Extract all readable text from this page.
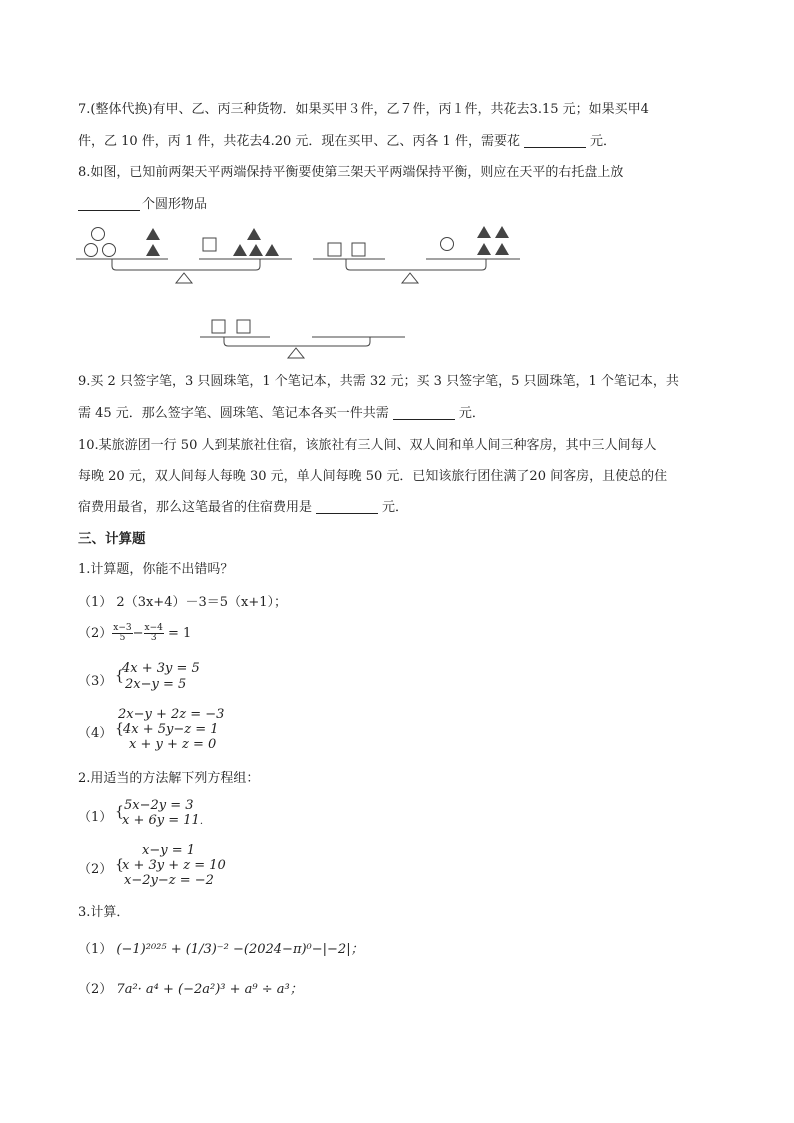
7.(整体代换)有甲、乙、丙三种货物．如果买甲３件，乙７件，丙１件，共花去3.15 元；如果买甲4
件，乙 10 件，丙 1 件，共花去4.20 元．现在买甲、乙、丙各 1 件，需要花	元．
8.如图，已知前两架天平两端保持平衡要使第三架天平两端保持平衡，则应在天平的右托盘上放
个圆形物品
9.买 2 只签字笔，3 只圆珠笔，1 个笔记本，共需 32 元；买 3 只签字笔，5 只圆珠笔，1 个笔记本，共
需 45 元．那么签字笔、圆珠笔、笔记本各买一件共需	元．
10.某旅游团一行 50 人到某旅社住宿，该旅社有三人间、双人间和单人间三种客房，其中三人间每人
每晚 20 元，双人间每人每晚 30 元，单人间每晚 50 元．已知该旅行团住满了20 间客房，且使总的住
宿费用最省，那么这笔最省的住宿费用是	元．
三、计算题
1.计算题，你能不出错吗？
（1） 2（3x+4）－3＝5（x+1）；
$(2) \frac{x-3}{5} - \frac{x-4}{3} = 1$
（3） {
4x + 3y = 5
2x−y = 5
（4） {
2x−y + 2z = −3
4x + 5y−z = 1
x + y + z = 0
2.用适当的方法解下列方程组：
（1） { 5x−2y = 3
x + 6y = 11.
（2） {
x−y = 1
x + 3y + z = 10
x−2y−z = −2
3.计算．
（1） (−1)²⁰²⁵ + (1/3)⁻² −(2024−π)⁰−|−2|；
（2） 7a²· a⁴ + (−2a²)³ + a⁹ ÷ a³；
